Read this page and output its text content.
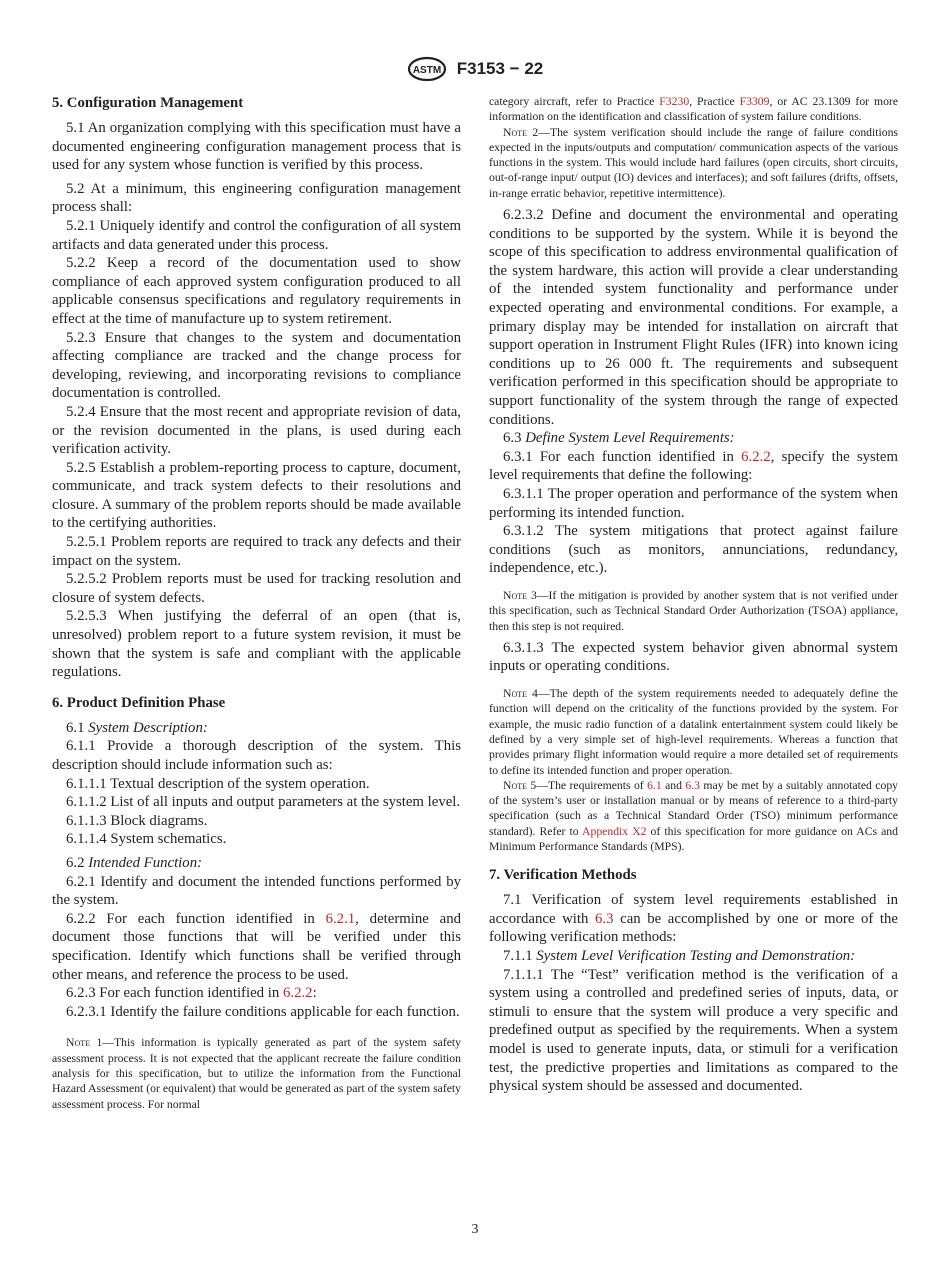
ASTM F3153 − 22
5. Configuration Management

5.1 An organization complying with this specification must have a documented engineering configuration management process that is used for any system whose function is verified by this process.

5.2 At a minimum, this engineering configuration management process shall:

5.2.1 Uniquely identify and control the configuration of all system artifacts and data generated under this process.

5.2.2 Keep a record of the documentation used to show compliance of each approved system configuration produced to all applicable consensus specifications and regulatory requirements in effect at the time of manufacture up to system retirement.

5.2.3 Ensure that changes to the system and documentation affecting compliance are tracked and the change process for developing, reviewing, and incorporating revisions to compliance documentation is controlled.

5.2.4 Ensure that the most recent and appropriate revision of data, or the revision documented in the plans, is used during each verification activity.

5.2.5 Establish a problem-reporting process to capture, document, communicate, and track system defects to their resolutions and closure. A summary of the problem reports should be made available to the certifying authorities.

5.2.5.1 Problem reports are required to track any defects and their impact on the system.

5.2.5.2 Problem reports must be used for tracking resolution and closure of system defects.

5.2.5.3 When justifying the deferral of an open (that is, unresolved) problem report to a future system revision, it must be shown that the system is safe and compliant with the applicable regulations.

6. Product Definition Phase

6.1 System Description:

6.1.1 Provide a thorough description of the system. This description should include information such as:

6.1.1.1 Textual description of the system operation.

6.1.1.2 List of all inputs and output parameters at the system level.

6.1.1.3 Block diagrams.

6.1.1.4 System schematics.

6.2 Intended Function:

6.2.1 Identify and document the intended functions performed by the system.

6.2.2 For each function identified in 6.2.1, determine and document those functions that will be verified under this specification. Identify which functions shall be verified through other means, and reference the process to be used.

6.2.3 For each function identified in 6.2.2:

6.2.3.1 Identify the failure conditions applicable for each function.

Note 1—This information is typically generated as part of the system safety assessment process. It is not expected that the applicant recreate the failure condition analysis for this specification, but to utilize the information from the Functional Hazard Assessment (or equivalent) that would be generated as part of the system safety assessment process. For normal

category aircraft, refer to Practice F3230, Practice F3309, or AC 23.1309 for more information on the identification and classification of system failure conditions.

Note 2—The system verification should include the range of failure conditions expected in the inputs/outputs and computation/ communication aspects of the various functions in the system. This would include hard failures (open circuits, short circuits, out-of-range input/ output (IO) devices and interfaces); and soft failures (drifts, offsets, in-range erratic behavior, repetitive intermittence).

6.2.3.2 Define and document the environmental and operating conditions to be supported by the system. While it is beyond the scope of this specification to address environmental qualification of the system hardware, this action will provide a clear understanding of the intended system functionality and performance under expected operating and environmental conditions. For example, a primary display may be intended for installation on aircraft that support operation in Instrument Flight Rules (IFR) into known icing conditions up to 26 000 ft. The requirements and subsequent verification performed in this specification should be appropriate to support functionality of the system through the range of expected conditions.

6.3 Define System Level Requirements:

6.3.1 For each function identified in 6.2.2, specify the system level requirements that define the following:

6.3.1.1 The proper operation and performance of the system when performing its intended function.

6.3.1.2 The system mitigations that protect against failure conditions (such as monitors, annunciations, redundancy, independence, etc.).

Note 3—If the mitigation is provided by another system that is not verified under this specification, such as Technical Standard Order Authorization (TSOA) appliance, then this step is not required.

6.3.1.3 The expected system behavior given abnormal system inputs or operating conditions.

Note 4—The depth of the system requirements needed to adequately define the function will depend on the criticality of the functions provided by the system. For example, the music radio function of a datalink entertainment system could likely be defined by a very simple set of high-level requirements. Whereas a function that provides primary flight information would require a more detailed set of requirements to define its intended function and proper operation.

Note 5—The requirements of 6.1 and 6.3 may be met by a suitably annotated copy of the system’s user or installation manual or by means of reference to a third-party specification (such as a Technical Standard Order (TSO) minimum performance standard). Refer to Appendix X2 of this specification for more guidance on ACs and Minimum Performance Standards (MPS).

7. Verification Methods

7.1 Verification of system level requirements established in accordance with 6.3 can be accomplished by one or more of the following verification methods:

7.1.1 System Level Verification Testing and Demonstration:

7.1.1.1 The “Test” verification method is the verification of a system using a controlled and predefined series of inputs, data, or stimuli to ensure that the system will produce a very specific and predefined output as specified by the requirements. When a system model is used to generate inputs, data, or stimuli for a verification test, the predictive properties and limitations as compared to the physical system should be assessed and documented.

3
